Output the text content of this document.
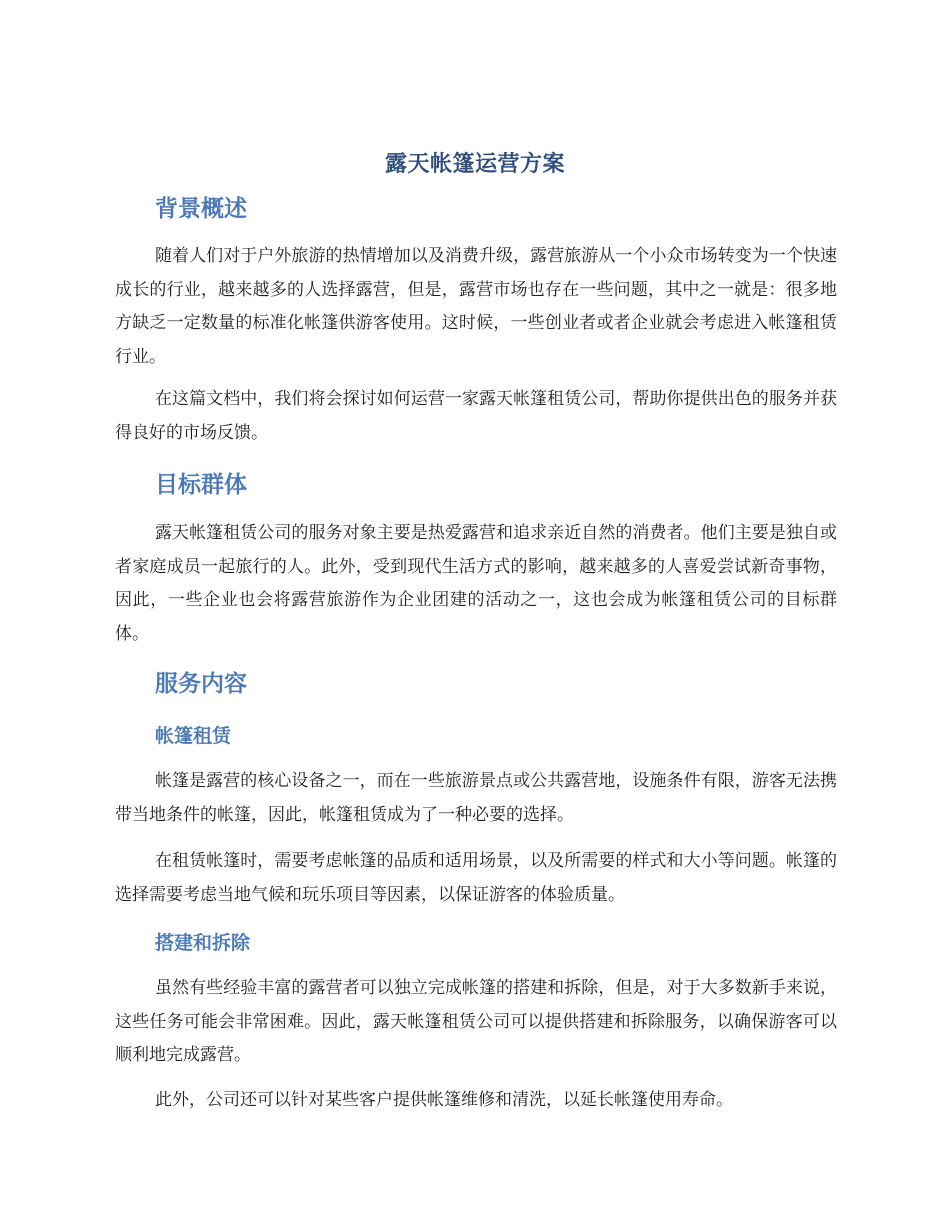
露天帐篷运营方案
背景概述

随着人们对于户外旅游的热情增加以及消费升级，露营旅游从一个小众市场转变为一个快速成长的行业，越来越多的人选择露营，但是，露营市场也存在一些问题，其中之一就是：很多地方缺乏一定数量的标准化帐篷供游客使用。这时候，一些创业者或者企业就会考虑进入帐篷租赁行业。

在这篇文档中，我们将会探讨如何运营一家露天帐篷租赁公司，帮助你提供出色的服务并获得良好的市场反馈。

目标群体

露天帐篷租赁公司的服务对象主要是热爱露营和追求亲近自然的消费者。他们主要是独自或者家庭成员一起旅行的人。此外，受到现代生活方式的影响，越来越多的人喜爱尝试新奇事物，因此，一些企业也会将露营旅游作为企业团建的活动之一，这也会成为帐篷租赁公司的目标群体。

服务内容
帐篷租赁

帐篷是露营的核心设备之一，而在一些旅游景点或公共露营地，设施条件有限，游客无法携带当地条件的帐篷，因此，帐篷租赁成为了一种必要的选择。

在租赁帐篷时，需要考虑帐篷的品质和适用场景，以及所需要的样式和大小等问题。帐篷的选择需要考虑当地气候和玩乐项目等因素，以保证游客的体验质量。

搭建和拆除

虽然有些经验丰富的露营者可以独立完成帐篷的搭建和拆除，但是，对于大多数新手来说，这些任务可能会非常困难。因此，露天帐篷租赁公司可以提供搭建和拆除服务，以确保游客可以顺利地完成露营。

此外，公司还可以针对某些客户提供帐篷维修和清洗，以延长帐篷使用寿命。
